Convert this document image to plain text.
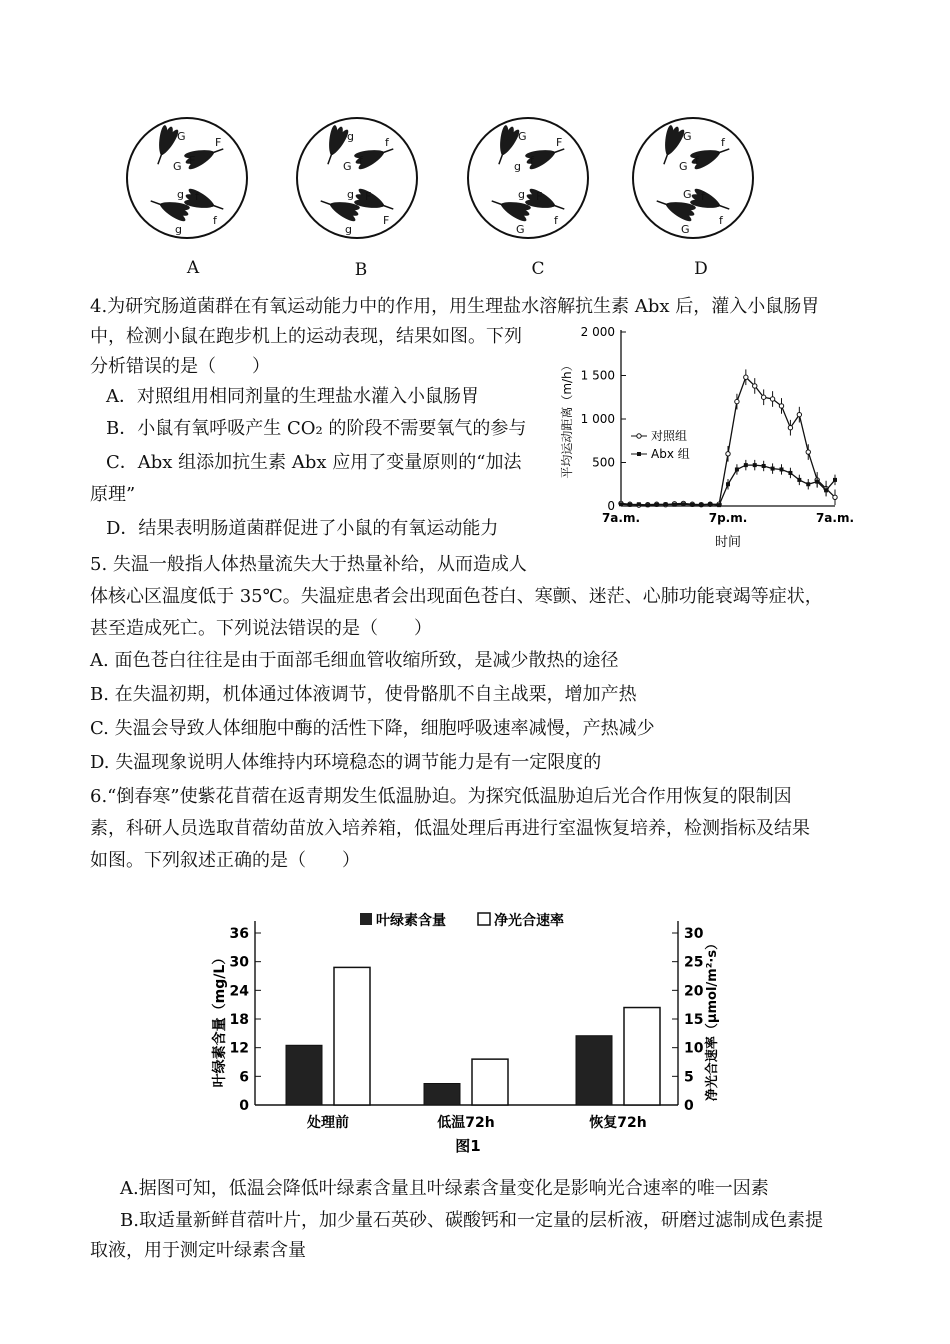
G
G
F
F
g
g
f
f
g
G
f
f
g
g
F
F
G
g
F
f
g
G
F
f
G
G
f
f
G
G
f
f
A	B	C	D
4.为研究肠道菌群在有氧运动能力中的作用，用生理盐水溶解抗生素 Abx 后，灌入小鼠肠胃
中，检测小鼠在跑步机上的运动表现，结果如图。下列
分析错误的是（　　）
A．对照组用相同剂量的生理盐水灌入小鼠肠胃
B．小鼠有氧呼吸产生 CO₂ 的阶段不需要氧气的参与
C．Abx 组添加抗生素 Abx 应用了变量原则的“加法
原理”
D．结果表明肠道菌群促进了小鼠的有氧运动能力
0
500
1 000
1 500
2 000
7a.m.	7p.m.	7a.m.
时间
平均运动距离（m/h）	对照组
Abx 组
5. 失温一般指人体热量流失大于热量补给，从而造成人
体核心区温度低于 35℃。失温症患者会出现面色苍白、寒颤、迷茫、心肺功能衰竭等症状，
甚至造成死亡。下列说法错误的是（　　）
A. 面色苍白往往是由于面部毛细血管收缩所致，是减少散热的途径
B. 在失温初期，机体通过体液调节，使骨骼肌不自主战栗，增加产热
C. 失温会导致人体细胞中酶的活性下降，细胞呼吸速率减慢，产热减少
D. 失温现象说明人体维持内环境稳态的调节能力是有一定限度的
6.“倒春寒”使紫花苜蓿在返青期发生低温胁迫。为探究低温胁迫后光合作用恢复的限制因
素，科研人员选取苜蓿幼苗放入培养箱，低温处理后再进行室温恢复培养，检测指标及结果
如图。下列叙述正确的是（　　）
0
6
12
18
24
30
36
0
5
10
15
20
25
30
叶绿素含量（mg/L）	净光合速率（μmol/m²·s）
处理前	低温72h	恢复72h
图1
叶绿素含量	净光合速率
A.据图可知，低温会降低叶绿素含量且叶绿素含量变化是影响光合速率的唯一因素
B.取适量新鲜苜蓿叶片，加少量石英砂、碳酸钙和一定量的层析液，研磨过滤制成色素提
取液，用于测定叶绿素含量
